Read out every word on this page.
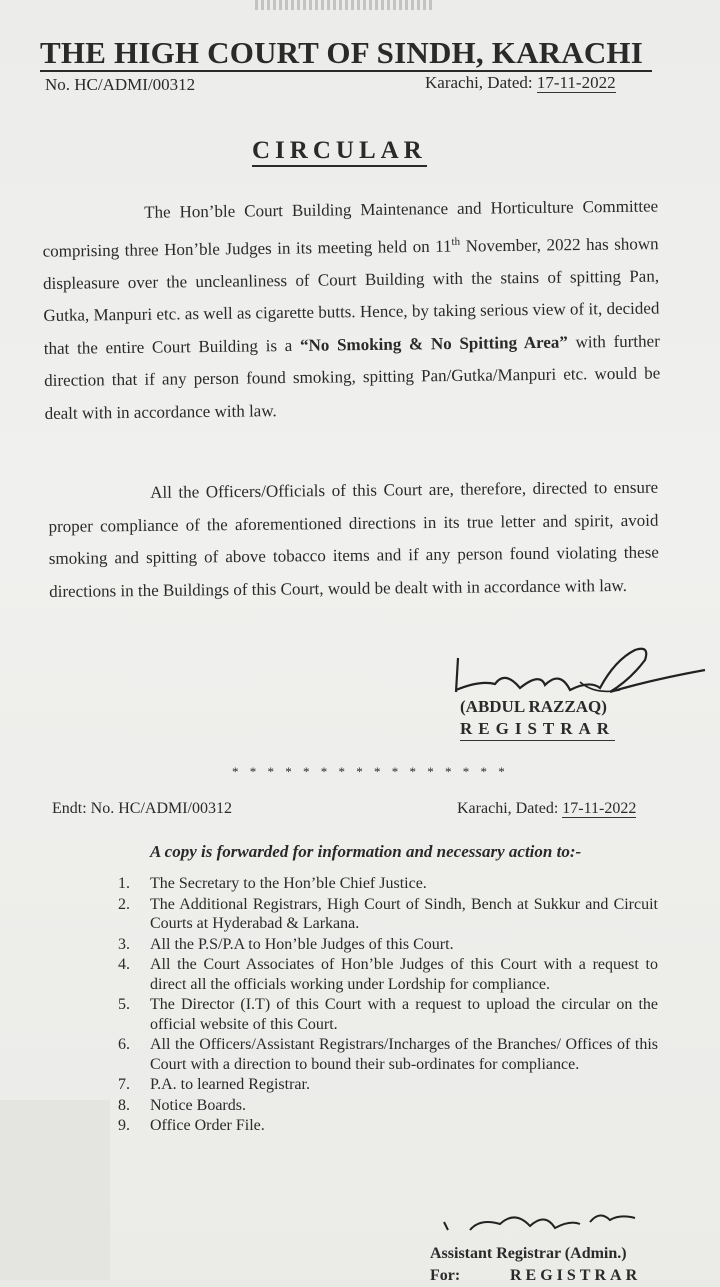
THE HIGH COURT OF SINDH, KARACHI
No. HC/ADMI/00312	Karachi, Dated: 17-11-2022
CIRCULAR

The Hon’ble Court Building Maintenance and Horticulture Committee comprising three Hon’ble Judges in its meeting held on 11th November, 2022 has shown displeasure over the uncleanliness of Court Building with the stains of spitting Pan, Gutka, Manpuri etc. as well as cigarette butts. Hence, by taking serious view of it, decided that the entire Court Building is a “No Smoking & No Spitting Area” with further direction that if any person found smoking, spitting Pan/Gutka/Manpuri etc. would be dealt with in accordance with law.

All the Officers/Officials of this Court are, therefore, directed to ensure proper compliance of the aforementioned directions in its true letter and spirit, avoid smoking and spitting of above tobacco items and if any person found violating these directions in the Buildings of this Court, would be dealt with in accordance with law.

(ABDUL RAZZAQ)
REGISTRAR
* * * * * * * * * * * * * * * *
Endt: No. HC/ADMI/00312	Karachi, Dated: 17-11-2022
A copy is forwarded for information and necessary action to:-
1.	The Secretary to the Hon’ble Chief Justice.
2.	The Additional Registrars, High Court of Sindh, Bench at Sukkur and Circuit Courts at Hyderabad & Larkana.
3.	All the P.S/P.A to Hon’ble Judges of this Court.
4.	All the Court Associates of Hon’ble Judges of this Court with a request to direct all the officials working under Lordship for compliance.
5.	The Director (I.T) of this Court with a request to upload the circular on the official website of this Court.
6.	All the Officers/Assistant Registrars/Incharges of the Branches/ Offices of this Court with a direction to bound their sub-ordinates for compliance.
7.	P.A. to learned Registrar.
8.	Notice Boards.
9.	Office Order File.
Assistant Registrar (Admin.)
For:	REGISTRAR
